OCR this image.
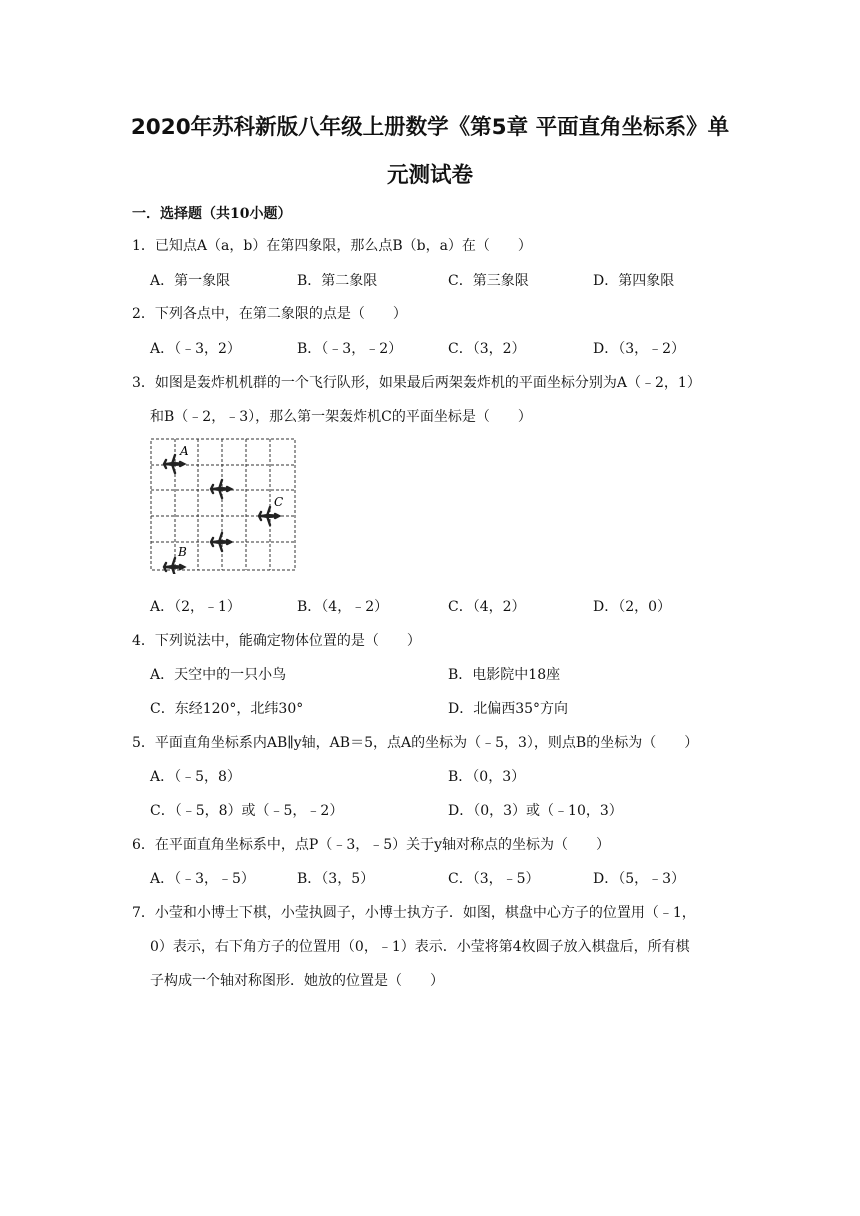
2020年苏科新版八年级上册数学《第5章 平面直角坐标系》单
元测试卷
一．选择题（共10小题）
1．已知点A（a，b）在第四象限，那么点B（b，a）在（　　）
A．第一象限	B．第二象限	C．第三象限	D．第四象限
2．下列各点中，在第二象限的点是（　　）
A．（﹣3，2）	B．（﹣3，﹣2）	C．（3，2）	D．（3，﹣2）
3．如图是轰炸机机群的一个飞行队形，如果最后两架轰炸机的平面坐标分别为A（﹣2，1）
和B（﹣2，﹣3），那么第一架轰炸机C的平面坐标是（　　）
A
B
C
A．（2，﹣1）	B．（4，﹣2）	C．（4，2）	D．（2，0）
4．下列说法中，能确定物体位置的是（　　）
A．天空中的一只小鸟	B．电影院中18座
C．东经120°，北纬30°	D．北偏西35°方向
5．平面直角坐标系内AB∥y轴，AB＝5，点A的坐标为（﹣5，3），则点B的坐标为（　　）
A．（﹣5，8）	B．（0，3）
C．（﹣5，8）或（﹣5，﹣2）	D．（0，3）或（﹣10，3）
6．在平面直角坐标系中，点P（﹣3，﹣5）关于y轴对称点的坐标为（　　）
A．（﹣3，﹣5）	B．（3，5）	C．（3，﹣5）	D．（5，﹣3）
7．小莹和小博士下棋，小莹执圆子，小博士执方子．如图，棋盘中心方子的位置用（﹣1，
0）表示，右下角方子的位置用（0，﹣1）表示．小莹将第4枚圆子放入棋盘后，所有棋
子构成一个轴对称图形．她放的位置是（　　）
